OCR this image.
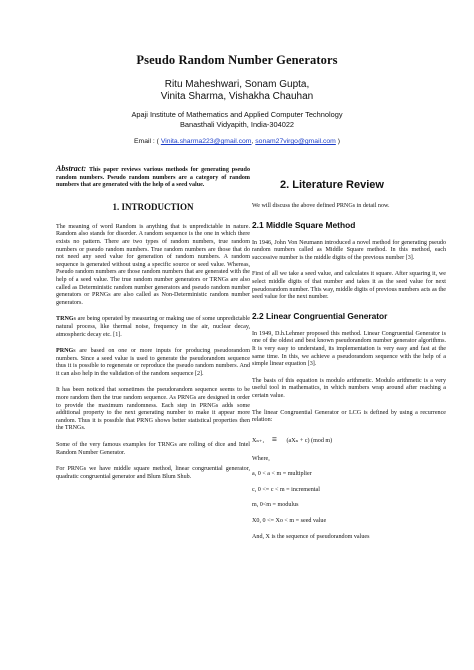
Pseudo Random Number Generators
Ritu Maheshwari, Sonam Gupta,
Vinita Sharma, Vishakha Chauhan
Apaji Institute of Mathematics and Applied Computer Technology
Banasthali Vidyapith, India-304022
Email : ( Vinita.sharma223@gmail.com, sonam27virgo@gmail.com )
Abstract: This paper reviews various methods for generating pseudo random numbers. Pseudo random numbers are a category of random numbers that are generated with the help of a seed value.
1. INTRODUCTION

The meaning of word Random is anything that is unpredictable in nature. Random also stands for disorder. A random sequence is the one in which there exists no pattern. There are two types of random numbers, true random numbers or pseudo random numbers. True random numbers are those that do not need any seed value for generation of random numbers. A random sequence is generated without using a specific source or seed value. Whereas, Pseudo random numbers are those random numbers that are generated with the help of a seed value. The true random number generators or TRNGs are also called as Deterministic random number generators and pseudo random number generators or PRNGs are also called as Non-Deterministic random number generators.

TRNGs are being operated by measuring or making use of some unpredictable natural process, like thermal noise, frequency in the air, nuclear decay, atmospheric decay etc. [1].

PRNGs are based on one or more inputs for producing pseudorandom numbers. Since a seed value is used to generate the pseudorandom sequence thus it is possible to regenerate or reproduce the pseudo random numbers. And it can also help in the validation of the random sequence [2].

It has been noticed that sometimes the pseudorandom sequence seems to be more random then the true random sequence. As PRNGs are designed in order to provide the maximum randomness. Each step in PRNGs adds some additional property to the next generating number to make it appear more random. Thus it is possible that PRNG shows better statistical properties then the TRNGs.

Some of the very famous examples for TRNGs are rolling of dice and Intel Random Number Generator.

For PRNGs we have middle square method, linear congruential generator, quadratic congruential generator and Blum Blum Shub.

2. Literature Review

We will discuss the above defined PRNGs in detail now.

2.1 Middle Square Method

In 1946, John Von Neumann introduced a novel method for generating pseudo random numbers called as Middle Square method. In this method, each successive number is the middle digits of the previous number [3].

First of all we take a seed value, and calculates it square. After squaring it, we select middle digits of that number and takes it as the seed value for next pseudorandom number. This way, middle digits of previous numbers acts as the seed value for the next number.

2.2 Linear Congruential Generator

In 1949, D.h.Lehmer proposed this method. Linear Congruential Generator is one of the oldest and best known pseudorandom number generator algorithms. It is very easy to understand, its implementation is very easy and fast at the same time. In this, we achieve a pseudorandom sequence with the help of a simple linear equation [3].

The basis of this equation is modulo arithmetic. Modulo arithmetic is a very useful tool in mathematics, in which numbers wrap around after reaching a certain value.

The linear Congruential Generator or LCG is defined by using a recurrence relation:

Xₙ₊₁ ≡ (aXₙ + c) (mod m)
Where,
a, 0 < a < m = multiplier
c, 0 <= c < m = incremental
m, 0<m = modulus
X0, 0 <= Xo < m = seed value
And, X is the sequence of pseudorandom values
